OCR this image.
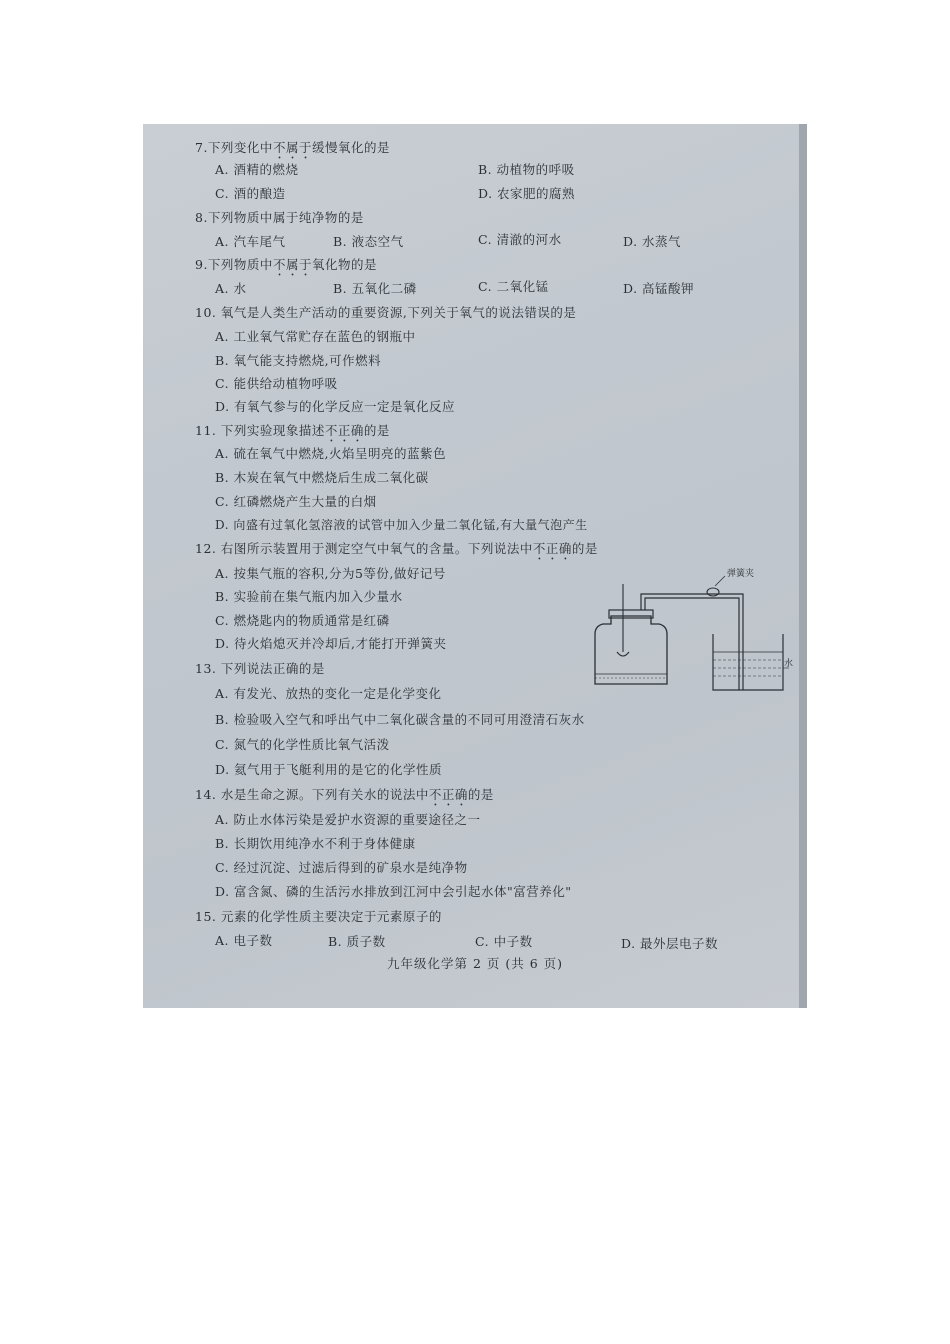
7.下列变化中不属于缓慢氧化的是
A. 酒精的燃烧	B. 动植物的呼吸
C. 酒的酿造	D. 农家肥的腐熟
8.下列物质中属于纯净物的是
A. 汽车尾气	B. 液态空气	C. 清澈的河水	D. 水蒸气
9.下列物质中不属于氧化物的是
A. 水	B. 五氧化二磷	C. 二氧化锰	D. 高锰酸钾
10. 氧气是人类生产活动的重要资源,下列关于氧气的说法错误的是
A. 工业氧气常贮存在蓝色的钢瓶中
B. 氧气能支持燃烧,可作燃料
C. 能供给动植物呼吸
D. 有氧气参与的化学反应一定是氧化反应
11. 下列实验现象描述不正确的是
A. 硫在氧气中燃烧,火焰呈明亮的蓝紫色
B. 木炭在氧气中燃烧后生成二氧化碳
C. 红磷燃烧产生大量的白烟
D. 向盛有过氧化氢溶液的试管中加入少量二氧化锰,有大量气泡产生
12. 右图所示装置用于测定空气中氧气的含量。下列说法中不正确的是
A. 按集气瓶的容积,分为5等份,做好记号
B. 实验前在集气瓶内加入少量水
C. 燃烧匙内的物质通常是红磷
D. 待火焰熄灭并冷却后,才能打开弹簧夹
弹簧夹
水
13. 下列说法正确的是
A. 有发光、放热的变化一定是化学变化
B. 检验吸入空气和呼出气中二氧化碳含量的不同可用澄清石灰水
C. 氮气的化学性质比氧气活泼
D. 氦气用于飞艇利用的是它的化学性质
14. 水是生命之源。下列有关水的说法中不正确的是
A. 防止水体污染是爱护水资源的重要途径之一
B. 长期饮用纯净水不利于身体健康
C. 经过沉淀、过滤后得到的矿泉水是纯净物
D. 富含氮、磷的生活污水排放到江河中会引起水体"富营养化"
15. 元素的化学性质主要决定于元素原子的
A. 电子数	B. 质子数	C. 中子数	D. 最外层电子数
九年级化学第 2 页 (共 6 页)
